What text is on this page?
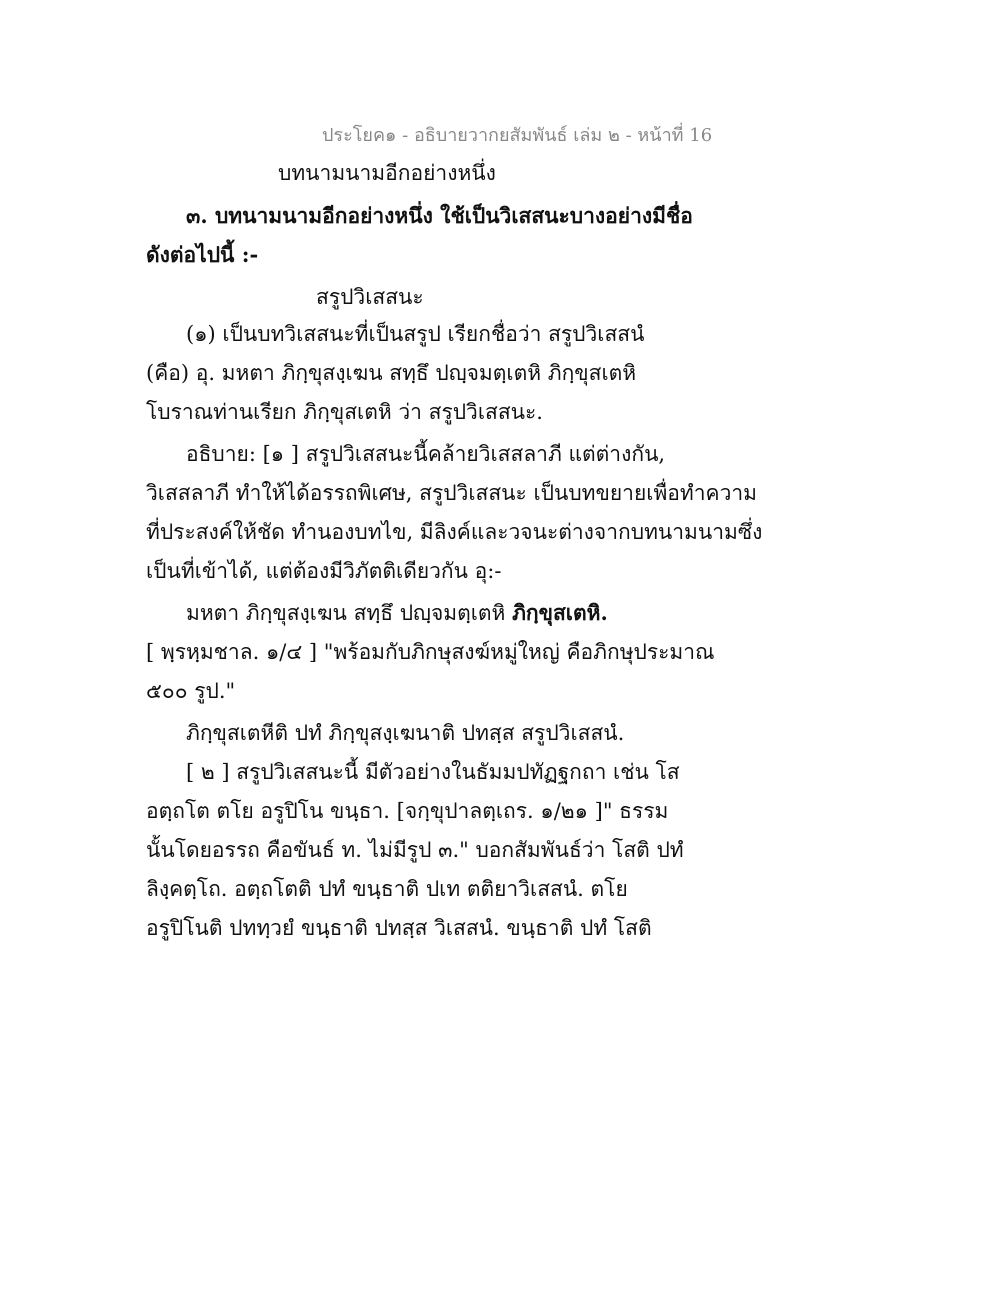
ประโยค๑ - อธิบายวากยสัมพันธ์ เล่ม ๒ - หน้าที่ 16
บทนามนามอีกอย่างหนึ่ง
๓. บทนามนามอีกอย่างหนึ่ง ใช้เป็นวิเสสนะบางอย่างมีชื่อ
ดังต่อไปนี้ :-
สรูปวิเสสนะ
(๑) เป็นบทวิเสสนะที่เป็นสรูป เรียกชื่อว่า สรูปวิเสสนํ
(คือ) อุ. มหตา ภิกฺขุสงฺเฆน สทฺธึ ปญฺจมตฺเตหิ ภิกฺขุสเตหิ
โบราณท่านเรียก ภิกฺขุสเตหิ ว่า สรูปวิเสสนะ.
อธิบาย: [๑ ] สรูปวิเสสนะนี้คล้ายวิเสสลาภี แต่ต่างกัน,
วิเสสลาภี ทำให้ได้อรรถพิเศษ, สรูปวิเสสนะ เป็นบทขยายเพื่อทำความ
ที่ประสงค์ให้ชัด ทำนองบทไข, มีลิงค์และวจนะต่างจากบทนามนามซึ่ง
เป็นที่เข้าได้, แต่ต้องมีวิภัตติเดียวกัน อุ:-
มหตา ภิกฺขุสงฺเฆน สทฺธึ ปญฺจมตฺเตหิ ภิกฺขุสเตหิ.
[ พฺรหฺมชาล. ๑/๔ ] "พร้อมกับภิกษุสงฆ์หมู่ใหญ่ คือภิกษุประมาณ
๕๐๐ รูป."
ภิกฺขุสเตหีติ ปทํ ภิกฺขุสงฺเฆนาติ ปทสฺส สรูปวิเสสนํ.
[ ๒ ] สรูปวิเสสนะนี้ มีตัวอย่างในธัมมปทัฏฐกถา เช่น โส
อตฺถโต ตโย อรูปิโน ขนฺธา. [จกฺขุปาลตฺเถร. ๑/๒๑ ]" ธรรม
นั้นโดยอรรถ คือขันธ์ ท. ไม่มีรูป ๓." บอกสัมพันธ์ว่า โสติ ปทํ
ลิงฺคตฺโถ. อตฺถโตติ ปทํ ขนฺธาติ ปเท ตติยาวิเสสนํ. ตโย
อรูปิโนติ ปททฺวยํ ขนฺธาติ ปทสฺส วิเสสนํ. ขนฺธาติ ปทํ โสติ
